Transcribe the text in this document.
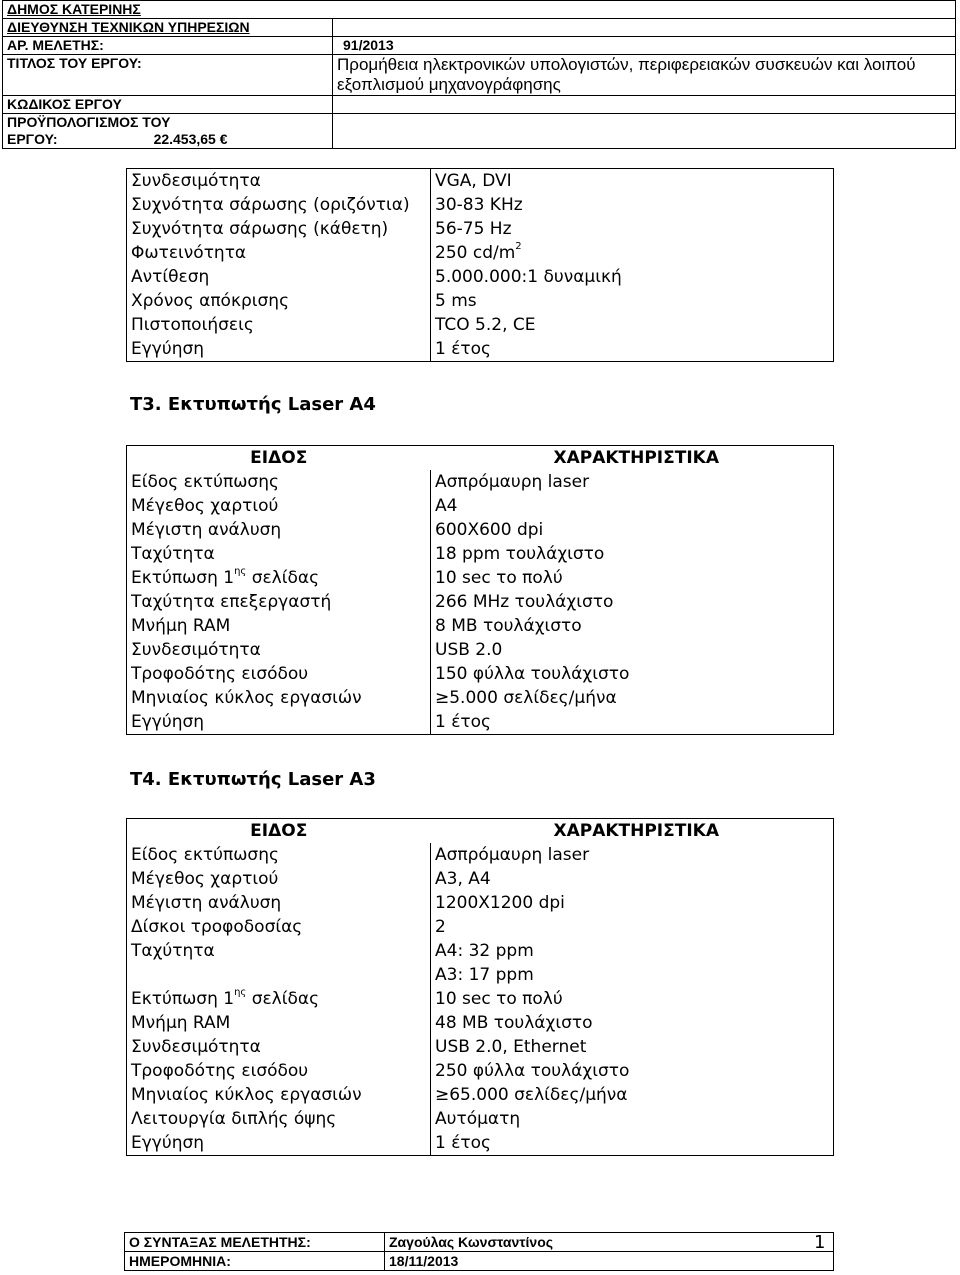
ΔΗΜΟΣ ΚΑΤΕΡΙΝΗΣ	
ΔΙΕΥΘΥΝΣΗ ΤΕΧΝΙΚΩΝ ΥΠΗΡΕΣΙΩΝ	
ΑΡ. ΜΕΛΕΤΗΣ:	91/2013
ΤΙΤΛΟΣ ΤΟΥ ΕΡΓΟΥ:	Προμήθεια ηλεκτρονικών υπολογιστών, περιφερειακών συσκευών και λοιπού εξοπλισμού μηχανογράφησης
ΚΩΔΙΚΟΣ ΕΡΓΟΥ	
ΠΡΟΫΠΟΛΟΓΙΣΜΟΣ ΤΟΥ ΕΡΓΟΥ: 22.453,65 €	
Συνδεσιμότητα	VGA, DVI
Συχνότητα σάρωσης (οριζόντια)	30-83 KHz
Συχνότητα σάρωσης (κάθετη)	56-75 Hz
Φωτεινότητα	250 $cd/m^2$
Αντίθεση	5.000.000:1 δυναμική
Χρόνος απόκρισης	5 ms
Πιστοποιήσεις	TCO 5.2, CE
Εγγύηση	1 έτος
Τ3. Εκτυπωτής Laser A4
ΕΙΔΟΣ	ΧΑΡΑΚΤΗΡΙΣΤΙΚΑ
Είδος εκτύπωσης	Ασπρόμαυρη laser
Μέγεθος χαρτιού	A4
Μέγιστη ανάλυση	600X600 dpi
Ταχύτητα	18 ppm τουλάχιστο
Εκτύπωση $1^{\eta\varsigma}$ σελίδας	10 sec το πολύ
Ταχύτητα επεξεργαστή	266 MHz τουλάχιστο
Μνήμη RAM	8 MB τουλάχιστο
Συνδεσιμότητα	USB 2.0
Τροφοδότης εισόδου	150 φύλλα τουλάχιστο
Μηνιαίος κύκλος εργασιών	≥5.000 σελίδες/μήνα
Εγγύηση	1 έτος
Τ4. Εκτυπωτής Laser A3
ΕΙΔΟΣ	ΧΑΡΑΚΤΗΡΙΣΤΙΚΑ
Είδος εκτύπωσης	Ασπρόμαυρη laser
Μέγεθος χαρτιού	A3, A4
Μέγιστη ανάλυση	1200X1200 dpi
Δίσκοι τροφοδοσίας	2
Ταχύτητα	A4: 32 ppm
A3: 17 ppm

Εκτύπωση $1^{\eta\varsigma}$ σελίδας	10 sec το πολύ
Μνήμη RAM	48 MB τουλάχιστο
Συνδεσιμότητα	USB 2.0, Ethernet
Τροφοδότης εισόδου	250 φύλλα τουλάχιστο
Μηνιαίος κύκλος εργασιών	≥65.000 σελίδες/μήνα
Λειτουργία διπλής όψης	Αυτόματη
Εγγύηση	1 έτος
Ο ΣΥΝΤΑΞΑΣ ΜΕΛΕΤΗΤΗΣ:	Ζαγούλας Κωνσταντίνος
ΗΜΕΡΟΜΗΝΙΑ:	18/11/2013
1
